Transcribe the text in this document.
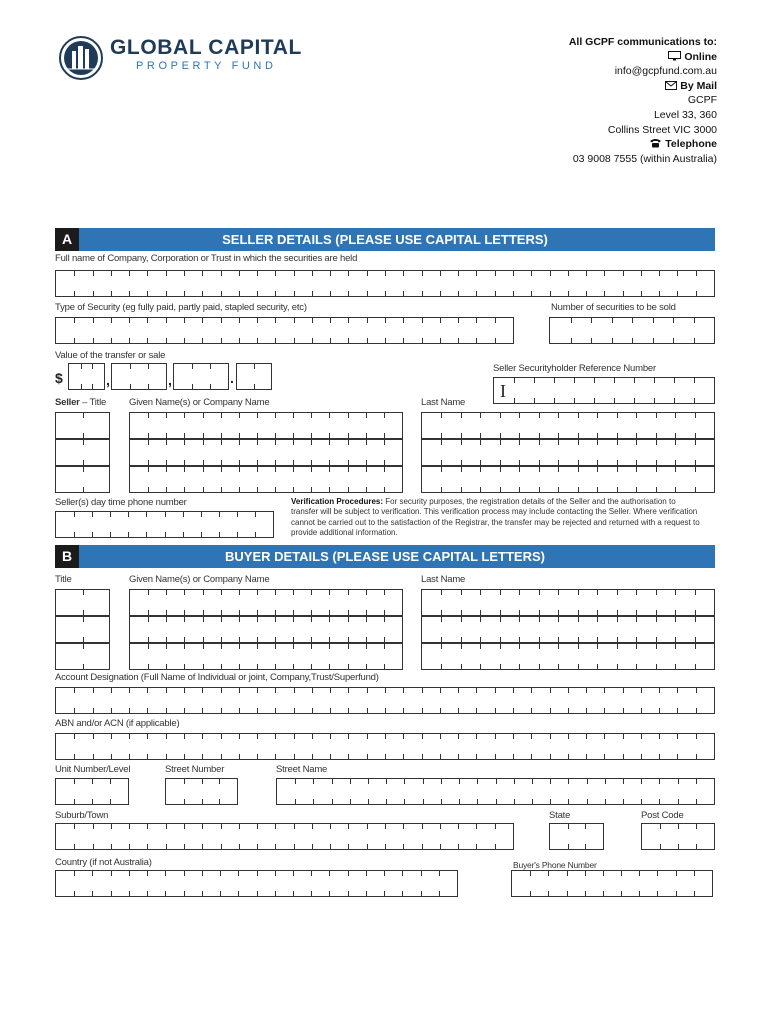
GLOBAL CAPITAL
PROPERTY FUND
All GCPF communications to:
Online
info@gcpfund.com.au
By Mail
GCPF
Level 33, 360
Collins Street VIC 3000
Telephone
03 9008 7555 (within Australia)
SELLER DETAILS (PLEASE USE CAPITAL LETTERS)
A
Full name of Company, Corporation or Trust in which the securities are held
Type of Security (eg fully paid, partly paid, stapled security, etc)	Number of securities to be sold
Value of the transfer or sale
$	,	,	.
Seller Securityholder Reference Number
I
Seller – Title Given Name(s) or Company Name	Last Name
Seller(s) day time phone number	Verification Procedures: For security purposes, the registration details of the Seller and the authorisation to transfer will be subject to verification. This verification process may include contacting the Seller. Where verification cannot be carried out to the satisfaction of the Registrar, the transfer may be rejected and returned with a request to provide additional information.
BUYER DETAILS (PLEASE USE CAPITAL LETTERS)
B
Title	Given Name(s) or Company Name	Last Name
Account Designation (Full Name of Individual or joint, Company,Trust/Superfund)
ABN and/or ACN (if applicable)
Unit Number/Level	Street Number	Street Name
Suburb/Town	State	Post Code
Country (if not Australia)	Buyer's Phone Number
